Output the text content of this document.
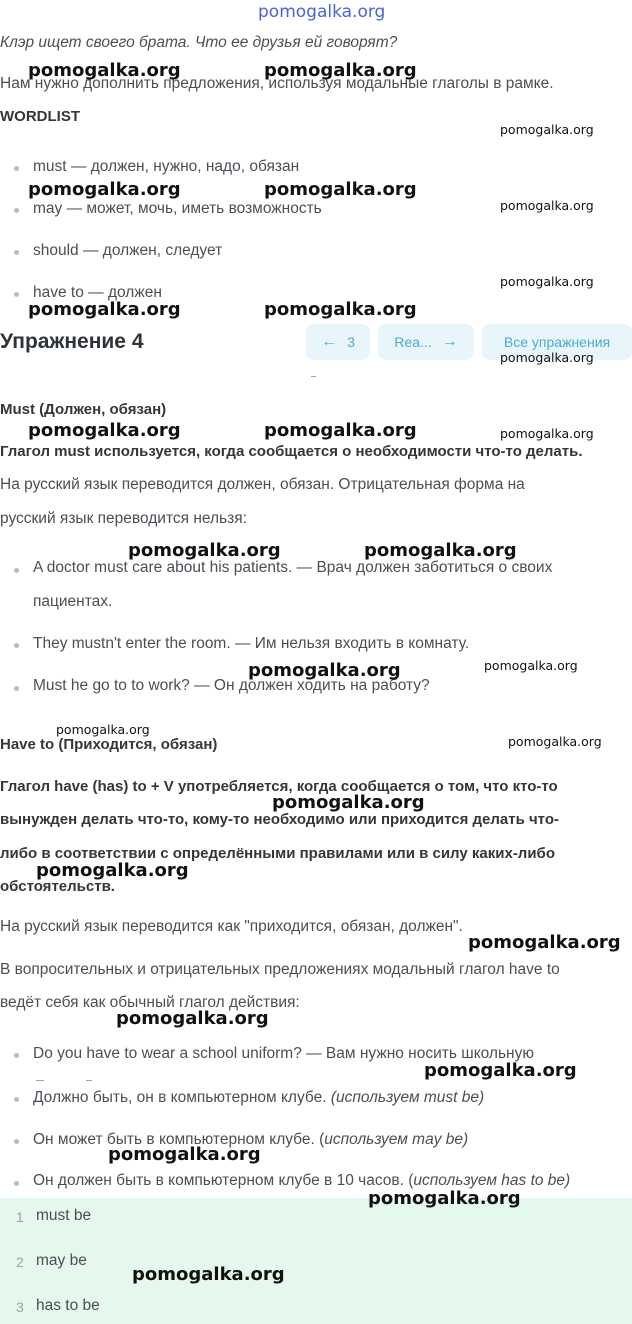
pomogalka.org
Клэр ищет своего брата. Что ее друзья ей говорят?
Нам нужно дополнить предложения, используя модальные глаголы в рамке.
WORDLIST
must — должен, нужно, надо, обязан
may — может, мочь, иметь возможность
should — должен, следует
have to — должен
Упражнение 4	← 3	Rea... →	Все упражнения
Must (Должен, обязан)
Глагол must используется, когда сообщается о необходимости что-то делать.
На русский язык переводится должен, обязан. Отрицательная форма на
русский язык переводится нельзя:
A doctor must care about his patients. — Врач должен заботиться о своих
пациентах.
They mustn't enter the room. — Им нельзя входить в комнату.
Must he go to to work? — Он должен ходить на работу?
Have to (Приходится, обязан)
Глагол have (has) to + V употребляется, когда сообщается о том, что кто-то
вынужден делать что-то, кому-то необходимо или приходится делать что-
либо в соответствии с определёнными правилами или в силу каких-либо
обстоятельств.
На русский язык переводится как "приходится, обязан, должен".
В вопросительных и отрицательных предложениях модальный глагол have to
ведёт себя как обычный глагол действия:
Do you have to wear a school uniform? — Вам нужно носить школьную
Должно быть, он в компьютерном клубе. (используем must be)
Он может быть в компьютерном клубе. (используем may be)
Он должен быть в компьютерном клубе в 10 часов. (используем has to be)
1 must be
2 may be
3 has to be
pomogalka.org	pomogalka.org
pomogalka.org
pomogalka.org	pomogalka.org
pomogalka.org
pomogalka.org
pomogalka.org	pomogalka.org
pomogalka.org
pomogalka.org	pomogalka.org	pomogalka.org
pomogalka.org	pomogalka.org
pomogalka.org
pomogalka.org
pomogalka.org
pomogalka.org
pomogalka.org
pomogalka.org
pomogalka.org
pomogalka.org
pomogalka.org
pomogalka.org
pomogalka.org
pomogalka.org
